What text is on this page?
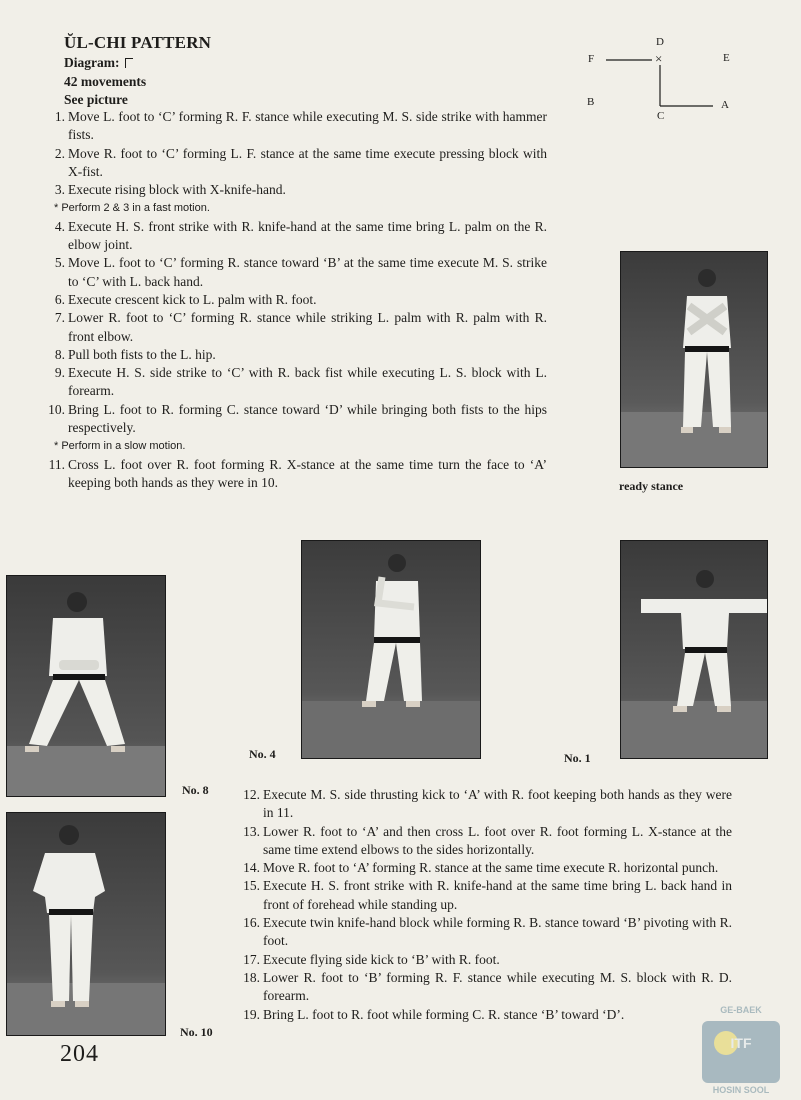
ŬL-CHI PATTERN
Diagram:
42 movements
See picture
D
×
F	E
B	A
C
1. Move L. foot to ‘C’ forming R. F. stance while executing M. S. side strike with hammer fists.
2. Move R. foot to ‘C’ forming L. F. stance at the same time execute pressing block with X-fist.
3. Execute rising block with X-knife-hand.
* Perform 2 & 3 in a fast motion.
4. Execute H. S. front strike with R. knife-hand at the same time bring L. palm on the R. elbow joint.
5. Move L. foot to ‘C’ forming R. stance toward ‘B’ at the same time execute M. S. strike to ‘C’ with L. back hand.
6. Execute crescent kick to L. palm with R. foot.
7. Lower R. foot to ‘C’ forming R. stance while striking L. palm with R. palm with R. front elbow.
8. Pull both fists to the L. hip.
9. Execute H. S. side strike to ‘C’ with R. back fist while executing L. S. block with L. forearm.
10. Bring L. foot to R. forming C. stance toward ‘D’ while bringing both fists to the hips respectively.
* Perform in a slow motion.
11. Cross L. foot over R. foot forming R. X-stance at the same time turn the face to ‘A’ keeping both hands as they were in 10.	ready stance
No. 8
No. 4	No. 1
No. 10
12. Execute M. S. side thrusting kick to ‘A’ with R. foot keeping both hands as they were in 11.
13. Lower R. foot to ‘A’ and then cross L. foot over R. foot forming L. X-stance at the same time extend elbows to the sides horizontally.
14. Move R. foot to ‘A’ forming R. stance at the same time execute R. horizontal punch.
15. Execute H. S. front strike with R. knife-hand at the same time bring L. back hand in front of forehead while standing up.
16. Execute twin knife-hand block while forming R. B. stance toward ‘B’ pivoting with R. foot.
17. Execute flying side kick to ‘B’ with R. foot.
18. Lower R. foot to ‘B’ forming R. F. stance while executing M. S. block with R. D. forearm.
19. Bring L. foot to R. foot while forming C. R. stance ‘B’ toward ‘D’.
204
GE-BAEK
ITF
HOSIN SOOL
